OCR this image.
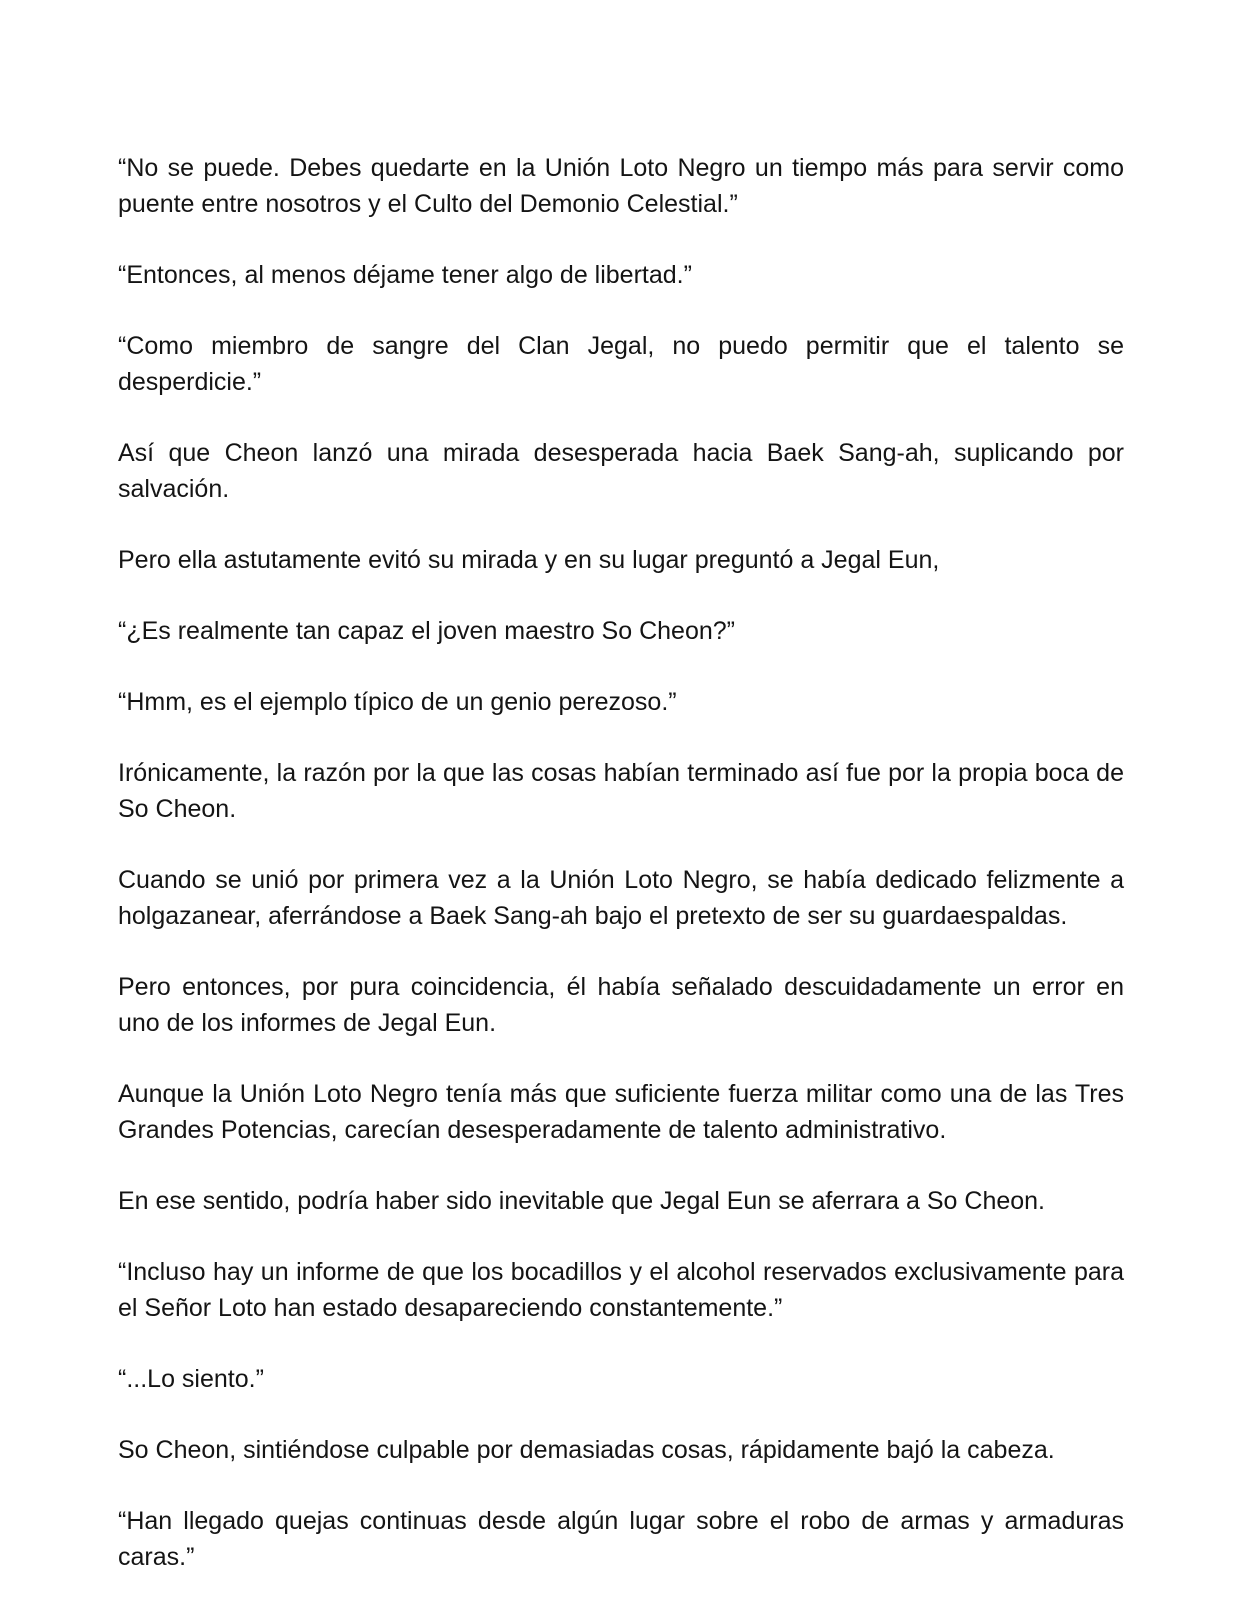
“No se puede. Debes quedarte en la Unión Loto Negro un tiempo más para servir como puente entre nosotros y el Culto del Demonio Celestial.”

“Entonces, al menos déjame tener algo de libertad.”

“Como miembro de sangre del Clan Jegal, no puedo permitir que el talento se desperdicie.”

Así que Cheon lanzó una mirada desesperada hacia Baek Sang-ah, suplicando por salvación.

Pero ella astutamente evitó su mirada y en su lugar preguntó a Jegal Eun,

“¿Es realmente tan capaz el joven maestro So Cheon?”

“Hmm, es el ejemplo típico de un genio perezoso.”

Irónicamente, la razón por la que las cosas habían terminado así fue por la propia boca de So Cheon.

Cuando se unió por primera vez a la Unión Loto Negro, se había dedicado felizmente a holgazanear, aferrándose a Baek Sang-ah bajo el pretexto de ser su guardaespaldas.

Pero entonces, por pura coincidencia, él había señalado descuidadamente un error en uno de los informes de Jegal Eun.

Aunque la Unión Loto Negro tenía más que suficiente fuerza militar como una de las Tres Grandes Potencias, carecían desesperadamente de talento administrativo.

En ese sentido, podría haber sido inevitable que Jegal Eun se aferrara a So Cheon.

“Incluso hay un informe de que los bocadillos y el alcohol reservados exclusivamente para el Señor Loto han estado desapareciendo constantemente.”

“...Lo siento.”

So Cheon, sintiéndose culpable por demasiadas cosas, rápidamente bajó la cabeza.

“Han llegado quejas continuas desde algún lugar sobre el robo de armas y armaduras caras.”
